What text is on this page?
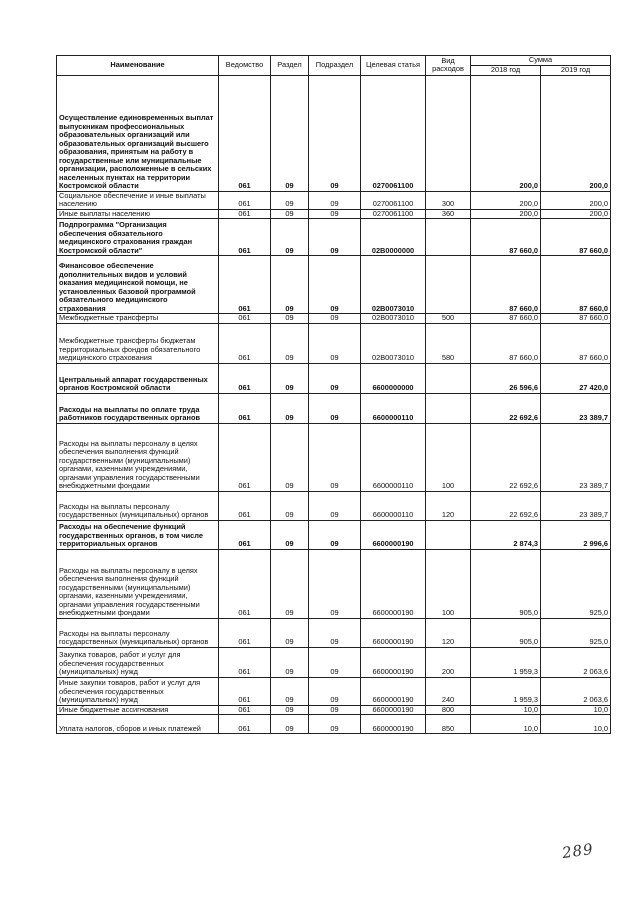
Наименование	Ведомство	Раздел	Подраздел	Целевая статья	Вид расходов	Сумма	
						2018 год	2019 год
Осуществление единовременных выплат выпускникам профессиональных образовательных организаций или образовательных организаций высшего образования, принятым на работу в государственные или муниципальные организации, расположенные в сельских населенных пунктах на территории Костромской области	061	09	09	0270061100		200,0	200,0
Социальное обеспечение и иные выплаты населению	061	09	09	0270061100	300	200,0	200,0
Иные выплаты населению	061	09	09	0270061100	360	200,0	200,0
Подпрограмма "Организация обеспечения обязательного медицинского страхования граждан Костромской области"	061	09	09	02В0000000		87 660,0	87 660,0
Финансовое обеспечение дополнительных видов и условий оказания медицинской помощи, не установленных базовой программой обязательного медицинского страхования	061	09	09	02В0073010		87 660,0	87 660,0
Межбюджетные трансферты	061	09	09	02В0073010	500	87 660,0	87 660,0
Межбюджетные трансферты бюджетам территориальных фондов обязательного медицинского страхования	061	09	09	02В0073010	580	87 660,0	87 660,0
Центральный аппарат государственных органов Костромской области	061	09	09	6600000000		26 596,6	27 420,0
Расходы на выплаты по оплате труда работников государственных органов	061	09	09	6600000110		22 692,6	23 389,7
Расходы на выплаты персоналу в целях обеспечения выполнения функций государственными (муниципальными) органами, казенными учреждениями, органами управления государственными внебюджетными фондами	061	09	09	6600000110	100	22 692,6	23 389,7
Расходы на выплаты персоналу государственных (муниципальных) органов	061	09	09	6600000110	120	22 692,6	23 389,7
Расходы на обеспечение функций государственных органов, в том числе территориальных органов	061	09	09	6600000190		2 874,3	2 996,6
Расходы на выплаты персоналу в целях обеспечения выполнения функций государственными (муниципальными) органами, казенными учреждениями, органами управления государственными внебюджетными фондами	061	09	09	6600000190	100	905,0	925,0
Расходы на выплаты персоналу государственных (муниципальных) органов	061	09	09	6600000190	120	905,0	925,0
Закупка товаров, работ и услуг для обеспечения государственных (муниципальных) нужд	061	09	09	6600000190	200	1 959,3	2 063,6
Иные закупки товаров, работ и услуг для обеспечения государственных (муниципальных) нужд	061	09	09	6600000190	240	1 959,3	2 063,6
Иные бюджетные ассигнования	061	09	09	6600000190	800	10,0	10,0
Уплата налогов, сборов и иных платежей	061	09	09	6600000190	850	10,0	10,0
289
